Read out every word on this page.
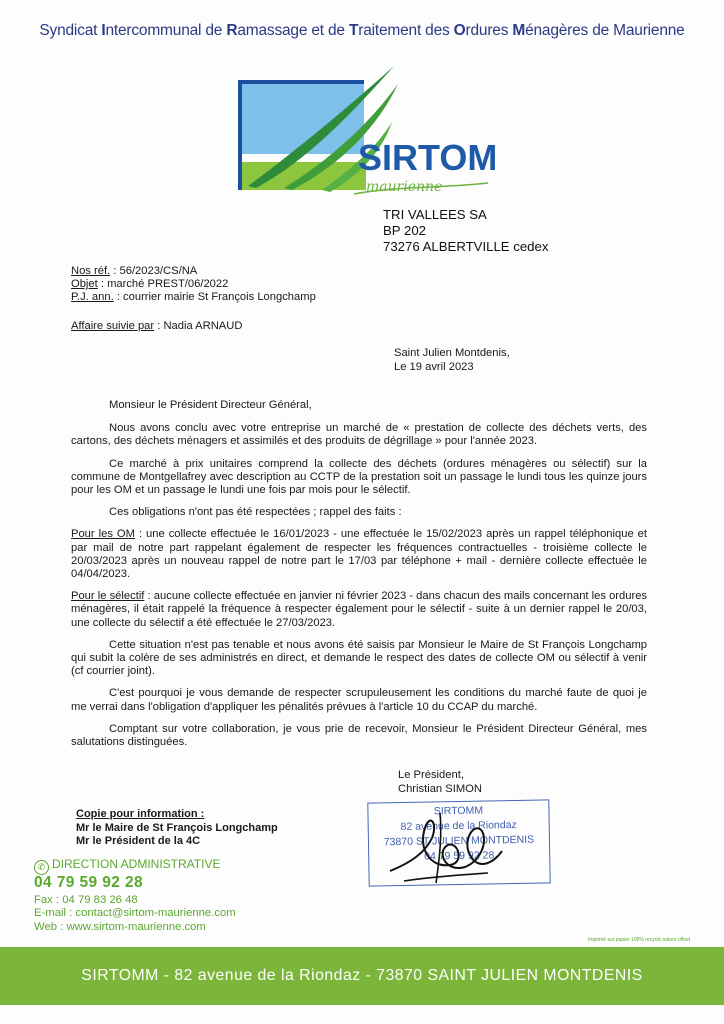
Syndicat Intercommunal de Ramassage et de Traitement des Ordures Ménagères de Maurienne
SIRTOM
maurienne
TRI VALLEES SA
BP 202
73276 ALBERTVILLE cedex
Nos réf. : 56/2023/CS/NA
Objet : marché PREST/06/2022
P.J. ann. : courrier mairie St François Longchamp
Affaire suivie par : Nadia ARNAUD
Saint Julien Montdenis,
Le 19 avril 2023

Monsieur le Président Directeur Général,

Nous avons conclu avec votre entreprise un marché de « prestation de collecte des déchets verts, des cartons, des déchets ménagers et assimilés et des produits de dégrillage » pour l'année 2023.

Ce marché à prix unitaires comprend la collecte des déchets (ordures ménagères ou sélectif) sur la commune de Montgellafrey avec description au CCTP de la prestation soit un passage le lundi tous les quinze jours pour les OM et un passage le lundi une fois par mois pour le sélectif.

Ces obligations n'ont pas été respectées ; rappel des faits :

Pour les OM : une collecte effectuée le 16/01/2023 - une effectuée le 15/02/2023 après un rappel téléphonique et par mail de notre part rappelant également de respecter les fréquences contractuelles - troisième collecte le 20/03/2023 après un nouveau rappel de notre part le 17/03 par téléphone + mail - dernière collecte effectuée le 04/04/2023.

Pour le sélectif : aucune collecte effectuée en janvier ni février 2023 - dans chacun des mails concernant les ordures ménagères, il était rappelé la fréquence à respecter également pour le sélectif - suite à un dernier rappel le 20/03, une collecte du sélectif a été effectuée le 27/03/2023.

Cette situation n'est pas tenable et nous avons été saisis par Monsieur le Maire de St François Longchamp qui subit la colère de ses administrés en direct, et demande le respect des dates de collecte OM ou sélectif à venir (cf courrier joint).

C'est pourquoi je vous demande de respecter scrupuleusement les conditions du marché faute de quoi je me verrai dans l'obligation d'appliquer les pénalités prévues à l'article 10 du CCAP du marché.

Comptant sur votre collaboration, je vous prie de recevoir, Monsieur le Président Directeur Général, mes salutations distinguées.

Le Président,
Christian SIMON
Copie pour information :
Mr le Maire de St François Longchamp
Mr le Président de la 4C
SIRTOMM
82 avenue de la Riondaz
73870 ST JULIEN MONTDENIS
04 79 59 92 28
✆ DIRECTION ADMINISTRATIVE
04 79 59 92 28
Fax : 04 79 83 26 48
E-mail : contact@sirtom-maurienne.com
Web : www.sirtom-maurienne.com
Imprimé sur papier 100% recyclé nature offset
SIRTOMM - 82 avenue de la Riondaz - 73870 SAINT JULIEN MONTDENIS
